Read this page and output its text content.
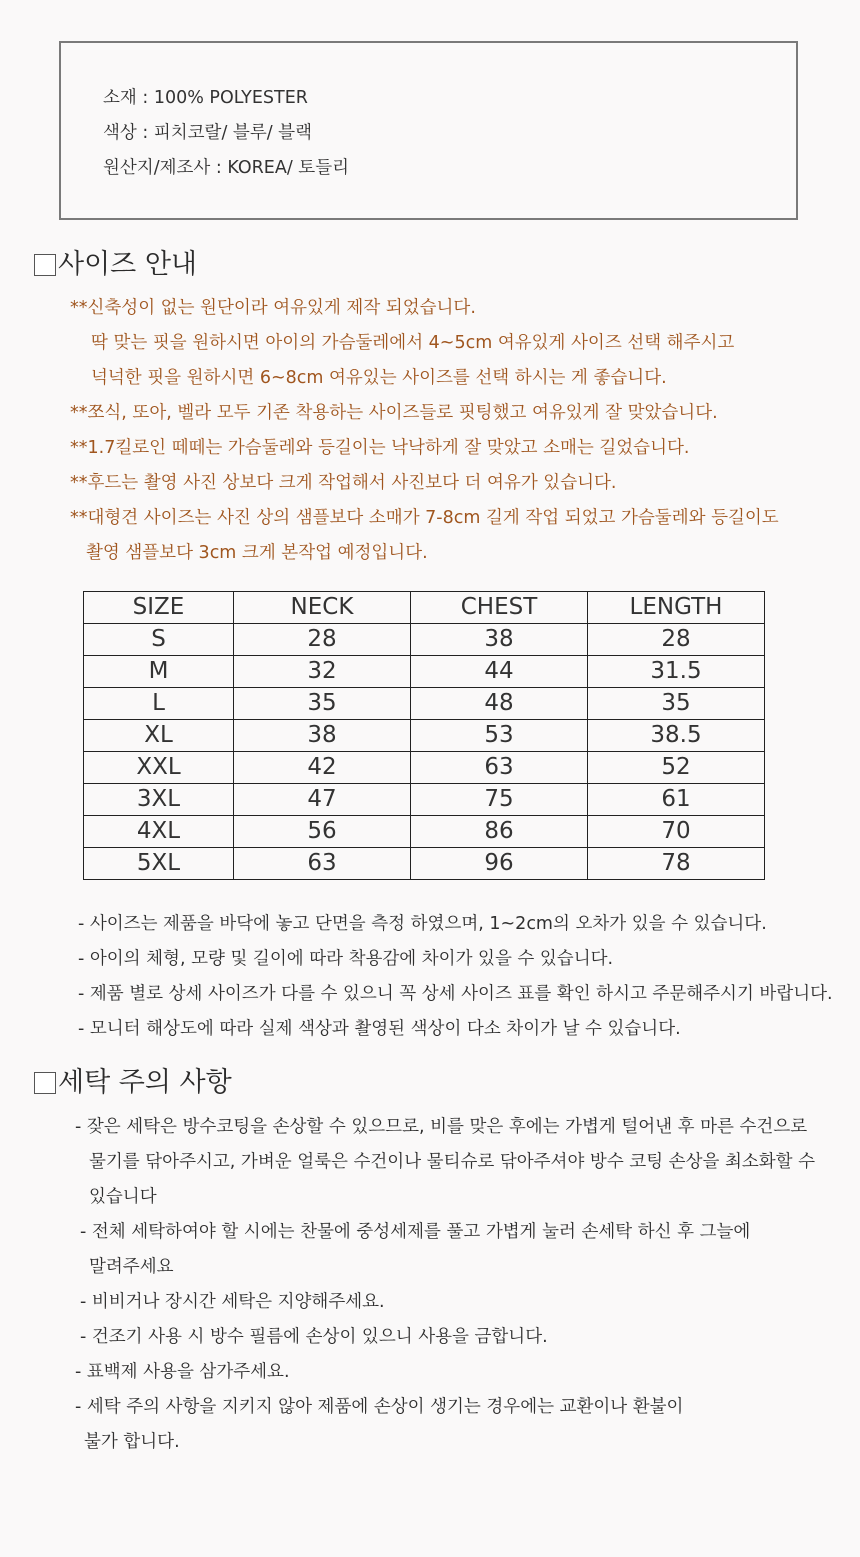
소재 : 100% POLYESTER
색상 : 피치코랄/ 블루/ 블랙
원산지/제조사 : KOREA/ 토들리
사이즈 안내
**신축성이 없는 원단이라 여유있게 제작 되었습니다.
딱 맞는 핏을 원하시면 아이의 가슴둘레에서 4~5cm 여유있게 사이즈 선택 해주시고
넉넉한 핏을 원하시면 6~8cm 여유있는 사이즈를 선택 하시는 게 좋습니다.
**쪼식, 또아, 벨라 모두 기존 착용하는 사이즈들로 핏팅했고 여유있게 잘 맞았습니다.
**1.7킬로인 떼떼는 가슴둘레와 등길이는 낙낙하게 잘 맞았고 소매는 길었습니다.
**후드는 촬영 사진 상보다 크게 작업해서 사진보다 더 여유가 있습니다.
**대형견 사이즈는 사진 상의 샘플보다 소매가 7-8cm 길게 작업 되었고 가슴둘레와 등길이도
촬영 샘플보다 3cm 크게 본작업 예정입니다.
SIZE	NECK	CHEST	LENGTH
S	28	38	28
M	32	44	31.5
L	35	48	35
XL	38	53	38.5
XXL	42	63	52
3XL	47	75	61
4XL	56	86	70
5XL	63	96	78
- 사이즈는 제품을 바닥에 놓고 단면을 측정 하였으며, 1~2cm의 오차가 있을 수 있습니다.
- 아이의 체형, 모량 및 길이에 따라 착용감에 차이가 있을 수 있습니다.
- 제품 별로 상세 사이즈가 다를 수 있으니 꼭 상세 사이즈 표를 확인 하시고 주문해주시기 바랍니다.
- 모니터 해상도에 따라 실제 색상과 촬영된 색상이 다소 차이가 날 수 있습니다.
세탁 주의 사항
- 잦은 세탁은 방수코팅을 손상할 수 있으므로, 비를 맞은 후에는 가볍게 털어낸 후 마른 수건으로
물기를 닦아주시고, 가벼운 얼룩은 수건이나 물티슈로 닦아주셔야 방수 코팅 손상을 최소화할 수
있습니다
- 전체 세탁하여야 할 시에는 찬물에 중성세제를 풀고 가볍게 눌러 손세탁 하신 후 그늘에
말려주세요
- 비비거나 장시간 세탁은 지양해주세요.
- 건조기 사용 시 방수 필름에 손상이 있으니 사용을 금합니다.
- 표백제 사용을 삼가주세요.
- 세탁 주의 사항을 지키지 않아 제품에 손상이 생기는 경우에는 교환이나 환불이
불가 합니다.
